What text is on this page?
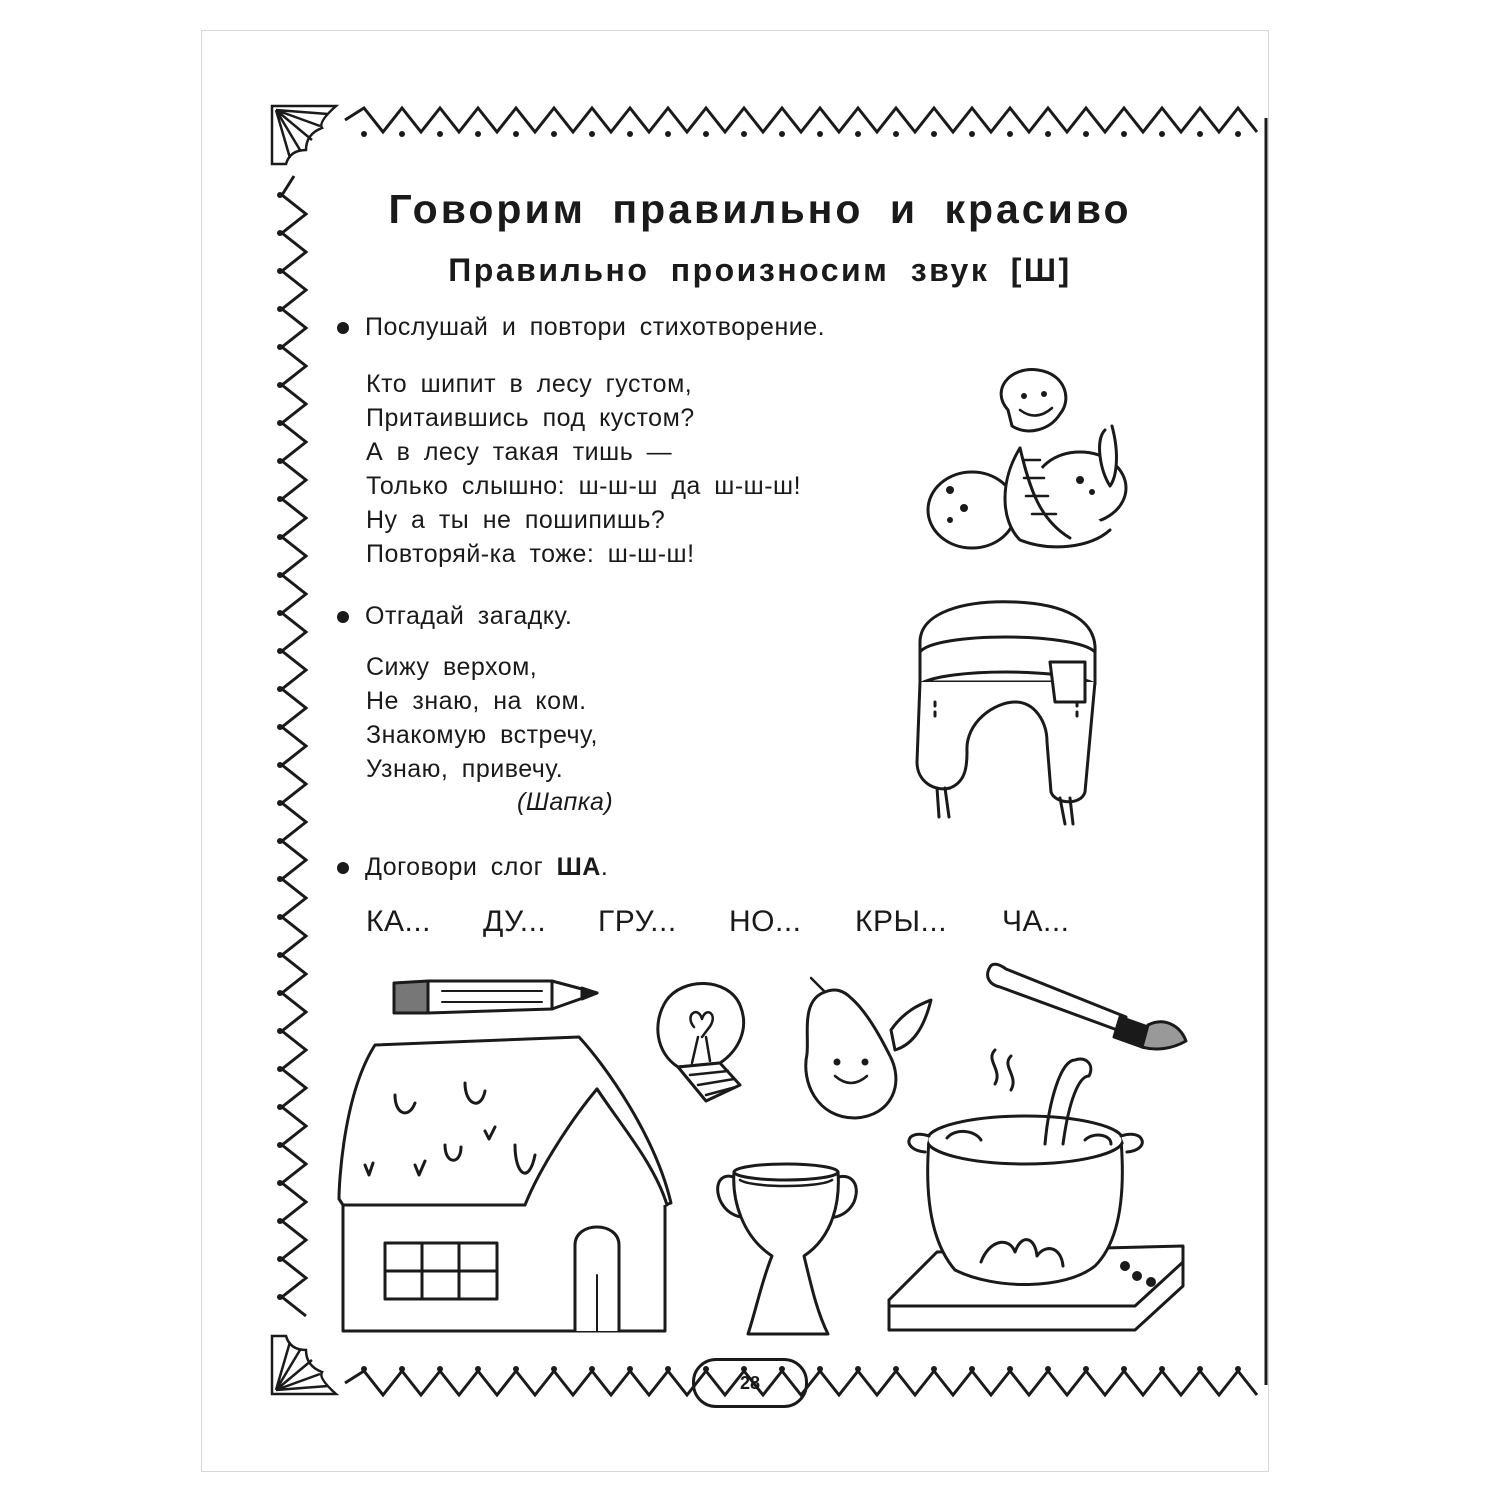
Говорим правильно и красиво
Правильно произносим звук [Ш]
Послушай и повтори стихотворение.
Кто шипит в лесу густом,
Притаившись под кустом?
А в лесу такая тишь —
Только слышно: ш-ш-ш да ш-ш-ш!
Ну а ты не пошипишь?
Повторяй-ка тоже: ш-ш-ш!
Отгадай загадку.
Сижу верхом,
Не знаю, на ком.
Знакомую встречу,
Узнаю, привечу.
(Шапка)
Договори слог ША.
КА... ДУ... ГРУ... НО... КРЫ... ЧА...
28
